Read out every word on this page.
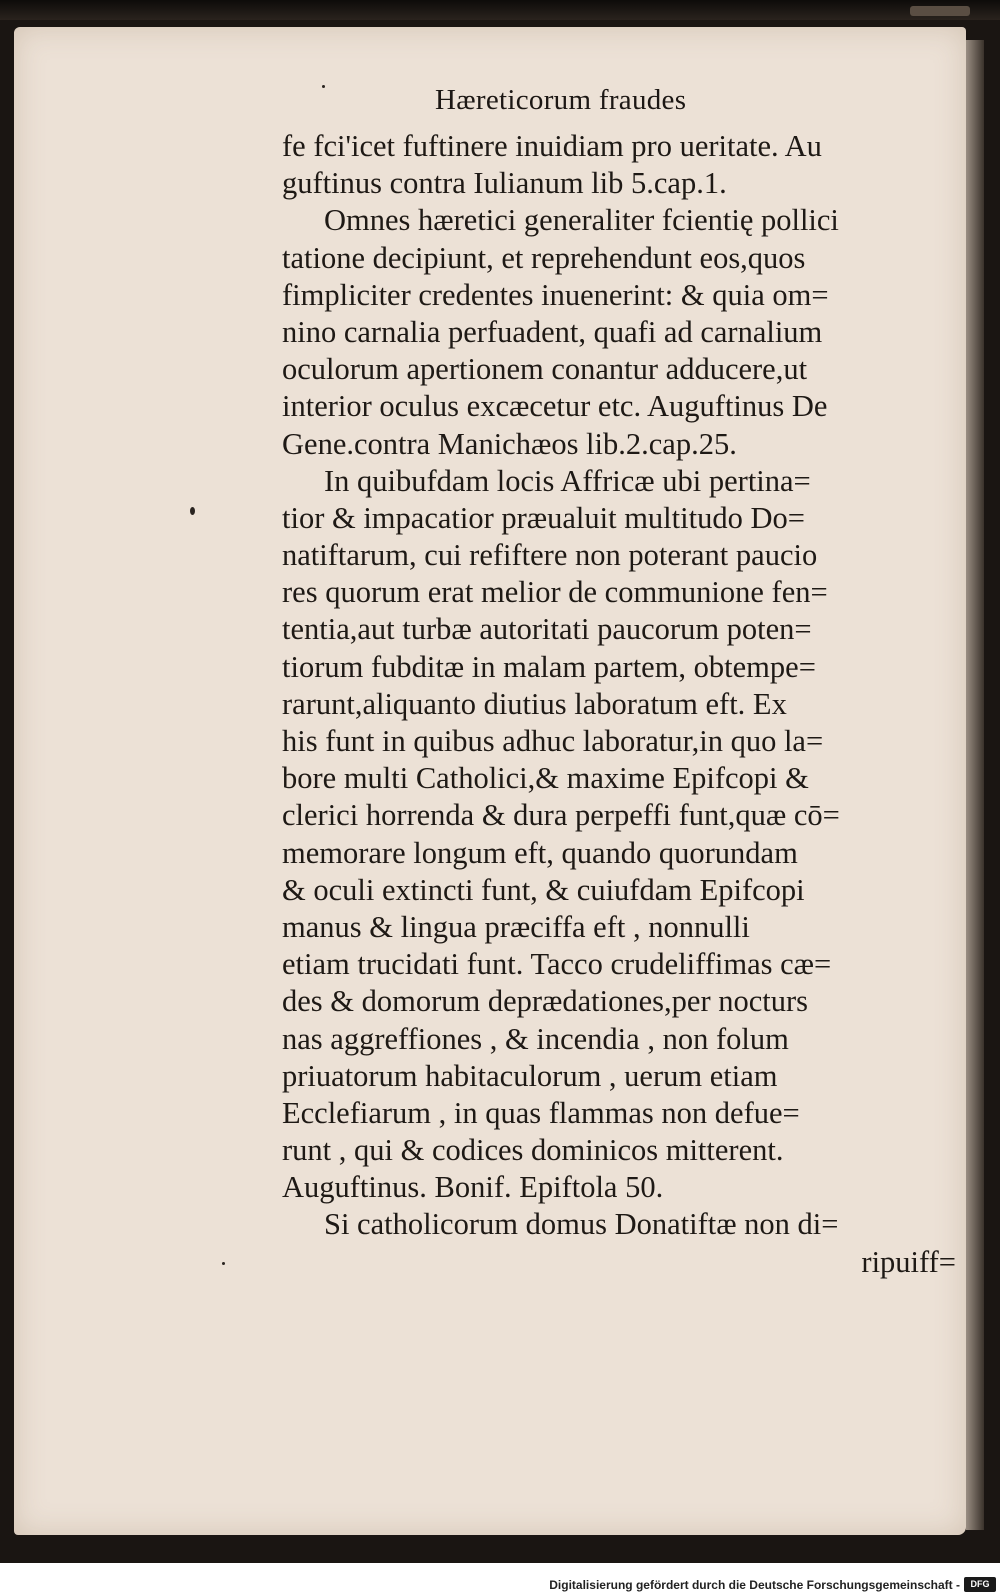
Hæreticorum fraudes
fe fci'icet fuftinere inuidiam pro ueritate. Au
guftinus contra Iulianum lib 5.cap.1.
Omnes hæretici generaliter fcientię pollici
tatione decipiunt, et reprehendunt eos,quos
fimpliciter credentes inuenerint: & quia om=
nino carnalia perfuadent, quafi ad carnalium
oculorum apertionem conantur adducere,ut
interior oculus excæcetur etc. Auguftinus De
Gene.contra Manichæos lib.2.cap.25.
In quibufdam locis Affricæ ubi pertina=
tior & impacatior præualuit multitudo Do=
natiftarum, cui refiftere non poterant paucio
res quorum erat melior de communione fen=
tentia,aut turbæ autoritati paucorum poten=
tiorum fubditæ in malam partem, obtempe=
rarunt,aliquanto diutius laboratum eft. Ex
his funt in quibus adhuc laboratur,in quo la=
bore multi Catholici,& maxime Epifcopi &
clerici horrenda & dura perpeffi funt,quæ cō=
memorare longum eft, quando quorundam
& oculi extincti funt, & cuiufdam Epifcopi
manus & lingua præciffa eft , nonnulli
etiam trucidati funt. Tacco crudeliffimas cæ=
des & domorum deprædationes,per nocturs
nas aggreffiones , & incendia , non folum
priuatorum habitaculorum , uerum etiam
Ecclefiarum , in quas flammas non defue=
runt , qui & codices dominicos mitterent.
Auguftinus. Bonif. Epiftola 50.
Si catholicorum domus Donatiftæ non di=
ripuiff=
Digitalisierung gefördert durch die Deutsche Forschungsgemeinschaft -	DFG
